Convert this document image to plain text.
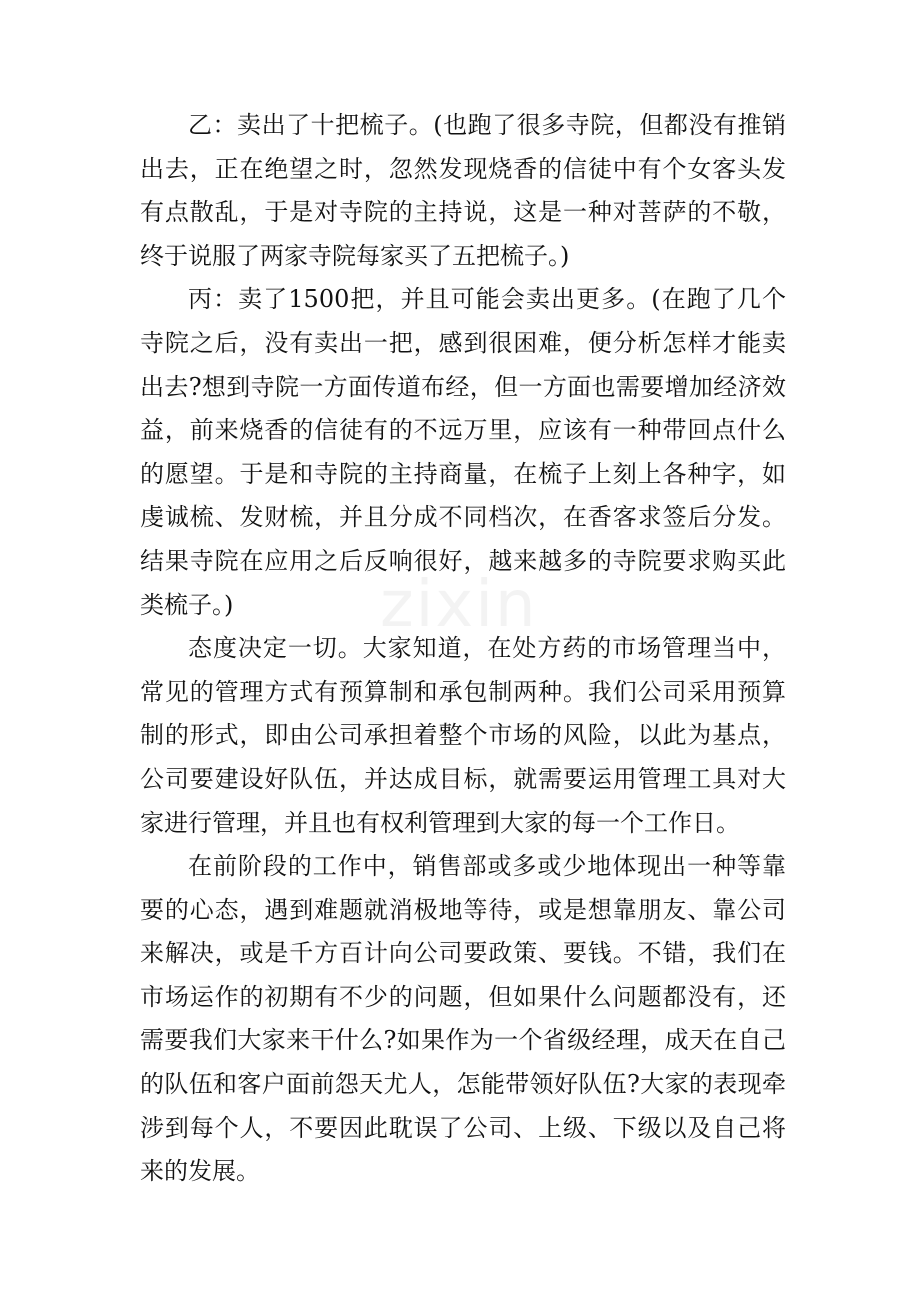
乙：卖出了十把梳子。(也跑了很多寺院，但都没有推销出去，正在绝望之时，忽然发现烧香的信徒中有个女客头发有点散乱，于是对寺院的主持说，这是一种对菩萨的不敬，终于说服了两家寺院每家买了五把梳子。)

丙：卖了1500把，并且可能会卖出更多。(在跑了几个寺院之后，没有卖出一把，感到很困难，便分析怎样才能卖出去?想到寺院一方面传道布经，但一方面也需要增加经济效益，前来烧香的信徒有的不远万里，应该有一种带回点什么的愿望。于是和寺院的主持商量，在梳子上刻上各种字，如虔诚梳、发财梳，并且分成不同档次，在香客求签后分发。结果寺院在应用之后反响很好，越来越多的寺院要求购买此类梳子。)

态度决定一切。大家知道，在处方药的市场管理当中，常见的管理方式有预算制和承包制两种。我们公司采用预算制的形式，即由公司承担着整个市场的风险，以此为基点，公司要建设好队伍，并达成目标，就需要运用管理工具对大家进行管理，并且也有权利管理到大家的每一个工作日。

在前阶段的工作中，销售部或多或少地体现出一种等靠要的心态，遇到难题就消极地等待，或是想靠朋友、靠公司来解决，或是千方百计向公司要政策、要钱。不错，我们在市场运作的初期有不少的问题，但如果什么问题都没有，还需要我们大家来干什么?如果作为一个省级经理，成天在自己的队伍和客户面前怨天尤人，怎能带领好队伍?大家的表现牵涉到每个人，不要因此耽误了公司、上级、下级以及自己将来的发展。

zixin
